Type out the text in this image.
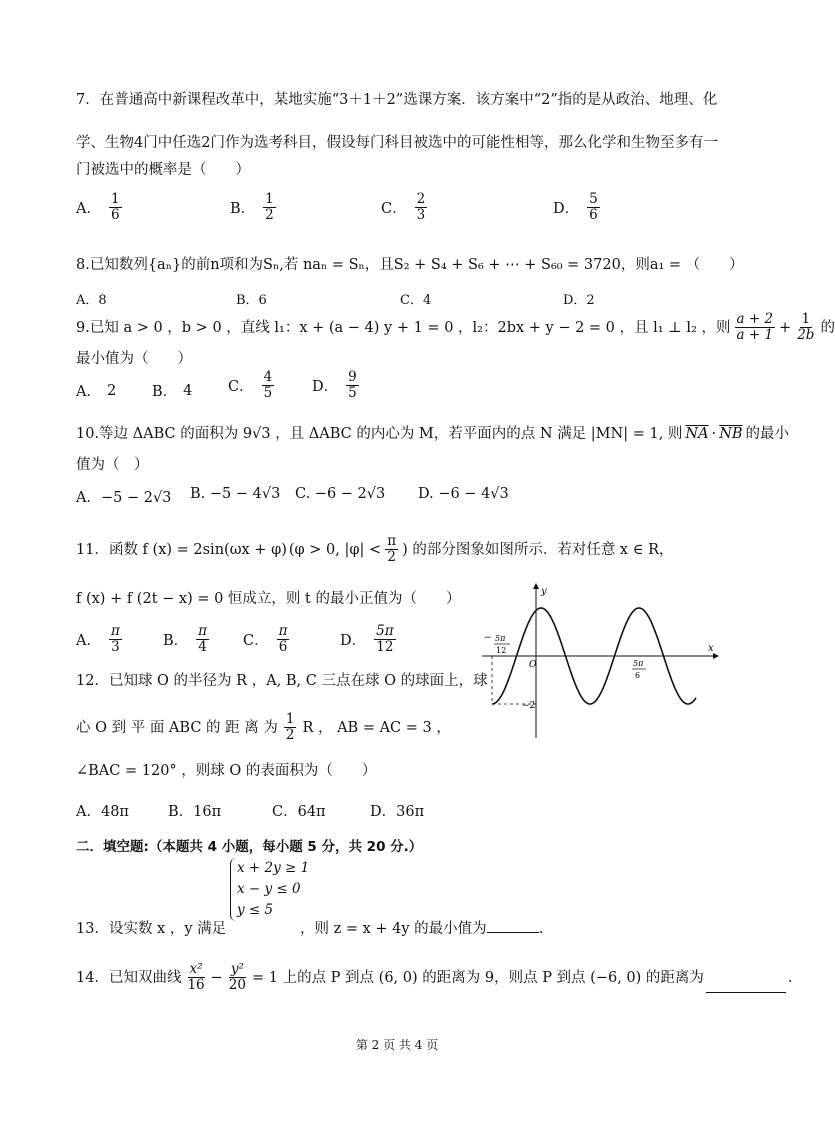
7．在普通高中新课程改革中，某地实施“3＋1＋2”选课方案．该方案中“2”指的是从政治、地理、化
学、生物4门中任选2门作为选考科目，假设每门科目被选中的可能性相等，那么化学和生物至多有一
门被选中的概率是（　　）
A． $\frac{1}{6}$	B． $\frac{1}{2}$	C． $\frac{2}{3}$	D． $\frac{5}{6}$
8.已知数列{aₙ}的前n项和为Sₙ,若 naₙ = Sₙ，且S₂ + S₄ + S₆ + ⋯ + S₆₀ = 3720，则a₁ = （　　）
A．8	B．6	C．4	D．2
9.已知 a > 0 ，b > 0 ，直线 l₁：x + (a − 4) y + 1 = 0 ，l₂：2bx + y − 2 = 0 ，且 l₁ ⊥ l₂ ，则 $\frac{a + 2}{a + 1} + \frac{1}{2b}$ 的
最小值为（　　）
A． 2 B． 4 C． $\frac{4}{5}$	D． $\frac{9}{5}$
10.等边 ΔABC 的面积为 9√3 ，且 ΔABC 的内心为 M，若平面内的点 N 满足 |MN| = 1, 则 $\overline{NA} \cdot \overline{NB}$ 的最小
值为（　）
A．−5 − 2√3 B. −5 − 4√3 C. −6 − 2√3 D. −6 − 4√3
11．函数 f (x) = 2sin(ωx + φ) (φ > 0, $|\varphi| < \frac{\pi}{2}$ ) 的部分图象如图所示．若对任意 x ∈ R，
f (x) + f (2t − x) = 0 恒成立，则 t 的最小正值为（　　）
A． $\frac{\pi}{3}$	B． $\frac{\pi}{4}$ C． $\frac{\pi}{6}$	D． $\frac{5\pi}{12}$
y
x
O
− 5π
12
5π
6
−2
12．已知球 O 的半径为 R ，A, B, C 三点在球 O 的球面上，球
心 O 到 平 面 ABC 的 距 离 为 $\frac{1}{2}$ R ， AB = AC = 3 ，
∠BAC = 120° ，则球 O 的表面积为（　　）
A．48π	B．16π	C．64π	D．36π
二．填空题:（本题共 4 小题，每小题 5 分，共 20 分.）
x + 2y ≥ 1
x − y ≤ 0
y ≤ 5
13．设实数 x ，y 满足	，则 z = x + 4y 的最小值为	.
14．已知双曲线 $\frac{\text{x²}}{16} - \frac{\text{y²}}{20} = 1$ 上的点 P 到点 (6, 0) 的距离为 9，则点 P 到点 (−6, 0) 的距离为	.
第 2 页 共 4 页
